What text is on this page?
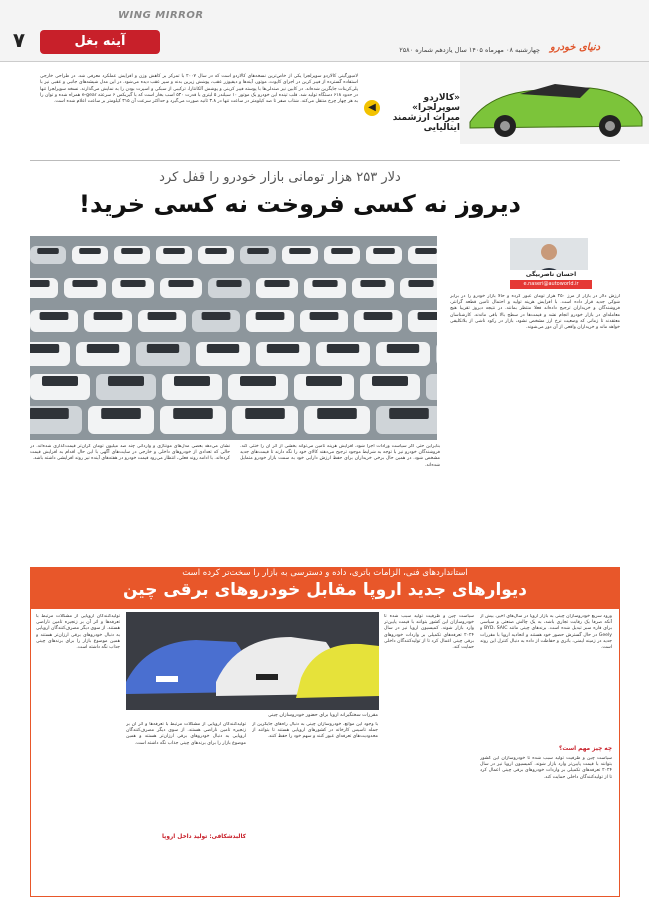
۷	آینه بغل
WING MIRROR
چهارشنبه ۰۸ مهرماه ۱۴۰۵ سال یازدهم شماره ۲۵۸۰ دنیای خودرو
«کالاردو سوپرلجرا»
میراث ارزشمند ایتالیایی
◀
لامبورگینی کالاردو سوپرلجرا یکی از خاص‌ترین نسخه‌های کالاردو است که در سال ۲۰۰۷ با تمرکز بر کاهش وزن و افزایش عملکرد معرفی شد. در طراحی خارجی استفاده گسترده از فیبر کربن در اجزای کاپوت، موتور، آینه‌ها و دیفیوزر عقب، پوشش زیرین بدنه و سپر عقب دیده می‌شود. در این مدل شیشه‌های جانبی و عقبی نیز با پلی‌کربنات جایگزین شده‌اند. در کابین نیز صندلی‌ها با پوسته فیبر کربنی و پوشش آلکانتارا، ترکیبی از سبکی و اسپرت بودن را به نمایش می‌گذارند. نسخه سوپرلجرا تنها در حدود ۶۱۸ دستگاه تولید شد. قلب تپنده این خودرو یک موتور ۱۰ سیلندر ۵ لیتری با قدرت ۵۳۰ اسب بخار است که با گیربکس ۶ سرعته e-gear همراه شده و توان را به هر چهار چرخ منتقل می‌کند. شتاب صفر تا صد کیلومتر در ساعت تنها در ۳.۸ ثانیه صورت می‌گیرد و حداکثر سرعت آن ۳۱۵ کیلومتر بر ساعت اعلام شده است.
دلار ۲۵۳ هزار تومانی بازار خودرو را قفل کرد
دیروز نه کسی فروخت نه کسی خرید!
احسان ناصربیگی
e.naseri@autoworld.ir
ارزش دلار در بازار از مرز ۲۵۰ هزار تومان عبور کرده و حالا بازار خودرو را در برابر شوکی جدید قرار داده است. با افزایش هزینه تولید و احتمال تامین قطعه گرانتر، فروشندگان و خریداران ترجیح داده‌اند فعلا منتظر بمانند. در نتیجه دیروز تقریبا هیچ معامله‌ای در بازار خودرو انجام نشد و قیمت‌ها در سطح بالا باقی ماندند. کارشناسان معتقدند تا زمانی که وضعیت نرخ ارز مشخص نشود، بازار در رکود ناشی از بلاتکلیفی خواهد ماند و خریداران واقعی از آن دور می‌شوند.
بنابراین حتی اگر سیاست ورادات اجرا شود، افزایش هزینه تامین می‌تواند بخشی از اثر آن را خنثی کند. فروشندگان خودرو نیز با توجه به شرایط موجود ترجیح می‌دهند کالای خود را نگه دارند تا قیمت‌های جدید مشخص شود. در همین حال برخی خریداران برای حفظ ارزش دارایی خود به سمت بازار خودرو متمایل شده‌اند.
نشان می‌دهد بعضی مدل‌های مونتاژی و وارداتی چند صد میلیون تومان گران‌تر قیمت‌گذاری شده‌اند. در حالی که تعدادی از خودروهای داخلی و خارجی در سایت‌های آگهی با این حال اقدام به افزایش قیمت کرده‌اند. با ادامه روند فعلی، انتظار می‌رود قیمت خودرو در هفته‌های آینده نیز روند افزایشی داشته باشد.
استانداردهای فنی، الزامات باتری، داده و دسترسی به بازار را سخت‌تر کرده است
دیوارهای جدید اروپا مقابل خودروهای برقی چین
مقررات سختگیرانه اروپا برای حضور خودروسازان چینی
ورود سریع خودروسازان چینی به بازار اروپا در سال‌های اخیر، بیش از آنکه صرفا یک رقابت تجاری باشد، به یک چالش صنعتی و سیاسی برای قاره سبز تبدیل شده است. برندهای چینی مانند BYD، SAIC و Geely در حال گسترش حضور خود هستند و اتحادیه اروپا با مقررات جدید در زمینه ایمنی، باتری و حفاظت از داده به دنبال کنترل این روند است.
چه چیز مهم است؟
سیاست چین و ظرفیت تولید سبب شده تا خودروسازان این کشور بتوانند با قیمت پایین‌تر وارد بازار شوند. کمیسیون اروپا نیز در سال ۲۰۲۴ تعرفه‌های تکمیلی بر واردات خودروهای برقی چینی اعمال کرد تا از تولیدکنندگان داخلی حمایت کند.
سیاست چین و ظرفیت تولید سبب شده تا خودروسازان این کشور بتوانند با قیمت پایین‌تر وارد بازار شوند. کمیسیون اروپا نیز در سال ۲۰۲۴ تعرفه‌های تکمیلی بر واردات خودروهای برقی چینی اعمال کرد تا از تولیدکنندگان داخلی حمایت کند.
با وجود این موانع، خودروسازان چینی به دنبال راه‌های جایگزین از جمله تاسیس کارخانه در کشورهای اروپایی هستند تا بتوانند از محدودیت‌های تعرفه‌ای عبور کنند و سهم خود را حفظ کنند.
تولیدکنندگان اروپایی از مشکلات مرتبط با تعرفه‌ها و اثر آن بر زنجیره تامین ناراضی هستند. از سوی دیگر مصرف‌کنندگان اروپایی به دنبال خودروهای برقی ارزان‌تر هستند و همین موضوع بازار را برای برندهای چینی جذاب نگه داشته است.
کالبدشکافی: تولید داخل اروپا
تولیدکنندگان اروپایی از مشکلات مرتبط با تعرفه‌ها و اثر آن بر زنجیره تامین ناراضی هستند. از سوی دیگر مصرف‌کنندگان اروپایی به دنبال خودروهای برقی ارزان‌تر هستند و همین موضوع بازار را برای برندهای چینی جذاب نگه داشته است.
